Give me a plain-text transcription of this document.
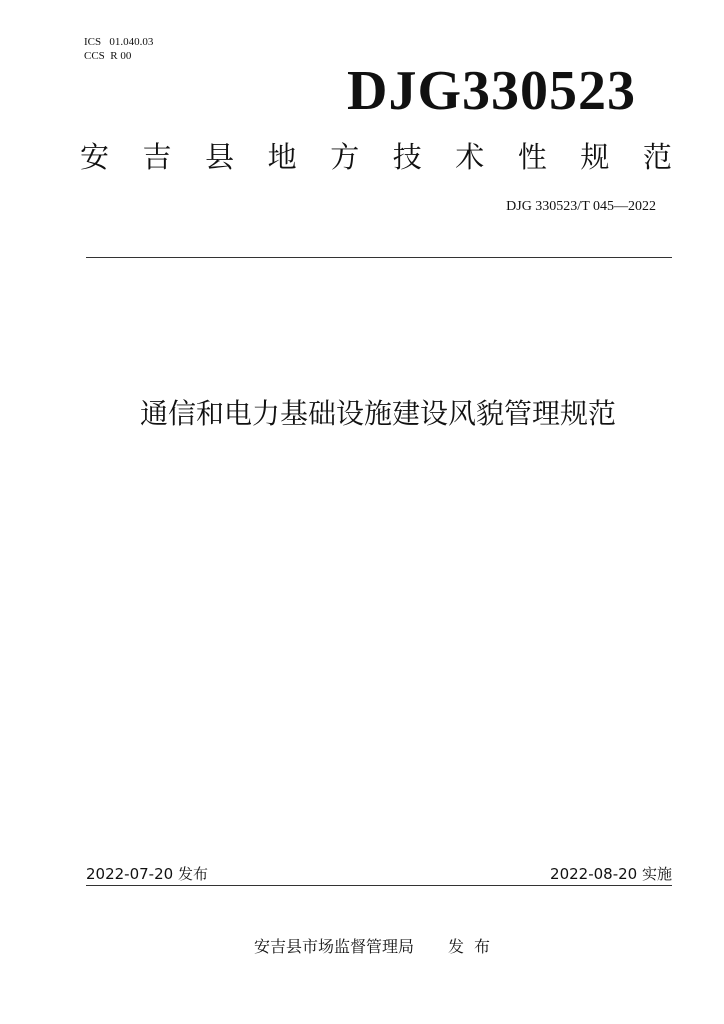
ICS   01.040.03
CCS  R 00
DJG330523
安 吉 县 地 方 技 术 性 规 范
DJG 330523/T 045—2022
通信和电力基础设施建设风貌管理规范
2022-07-20 发布	2022-08-20 实施
安吉县市场监督管理局 发 布
